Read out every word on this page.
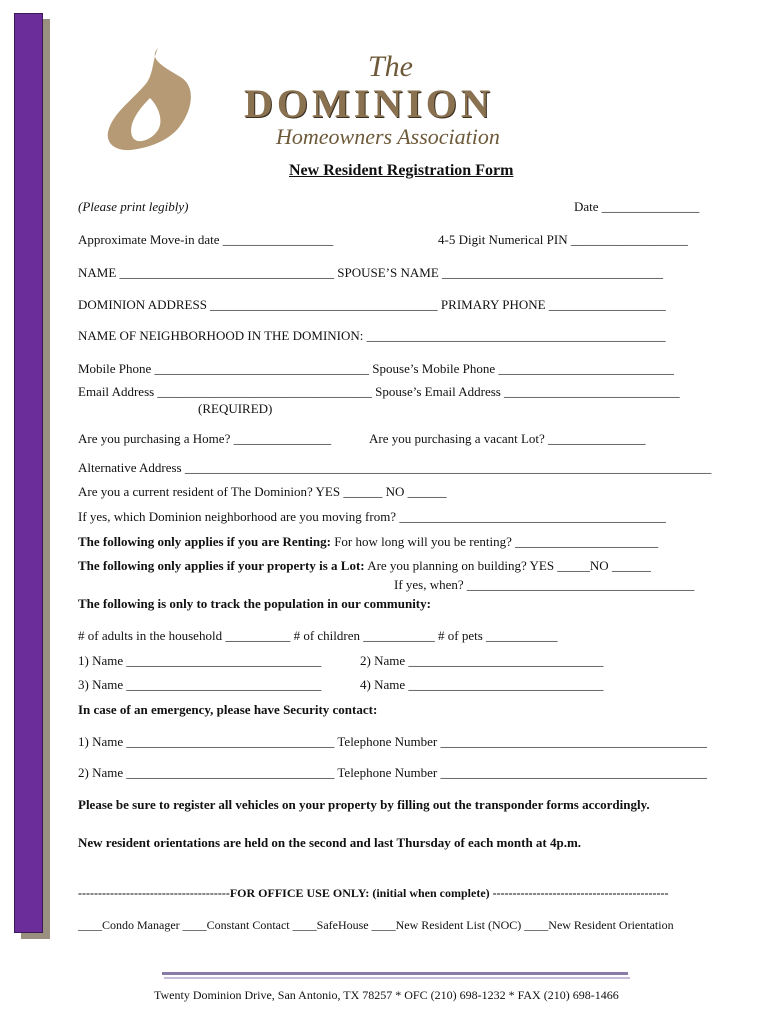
The
DOMINION
Homeowners Association
New Resident Registration Form
(Please print legibly)	Date _______________
Approximate Move-in date _________________	4-5 Digit Numerical PIN __________________
NAME _________________________________ SPOUSE’S NAME __________________________________
DOMINION ADDRESS ___________________________________ PRIMARY PHONE __________________
NAME OF NEIGHBORHOOD IN THE DOMINION: ______________________________________________
Mobile Phone _________________________________ Spouse’s Mobile Phone ___________________________
Email Address _________________________________ Spouse’s Email Address ___________________________
(REQUIRED)
Are you purchasing a Home? _______________	Are you purchasing a vacant Lot? _______________
Alternative Address _________________________________________________________________________________
Are you a current resident of The Dominion? YES ______ NO ______
If yes, which Dominion neighborhood are you moving from? _________________________________________
The following only applies if you are Renting: For how long will you be renting? ______________________
The following only applies if your property is a Lot: Are you planning on building? YES _____NO ______
If yes, when? ___________________________________
The following is only to track the population in our community:
# of adults in the household __________ # of children ___________ # of pets ___________
1) Name ______________________________	2) Name ______________________________
3) Name ______________________________	4) Name ______________________________
In case of an emergency, please have Security contact:
1) Name ________________________________ Telephone Number _________________________________________
2) Name ________________________________ Telephone Number _________________________________________
Please be sure to register all vehicles on your property by filling out the transponder forms accordingly.
New resident orientations are held on the second and last Thursday of each month at 4p.m.
--------------------------------------FOR OFFICE USE ONLY: (initial when complete) --------------------------------------------
____Condo Manager ____Constant Contact ____SafeHouse ____New Resident List (NOC) ____New Resident Orientation
Twenty Dominion Drive, San Antonio, TX 78257 * OFC (210) 698-1232 * FAX (210) 698-1466
